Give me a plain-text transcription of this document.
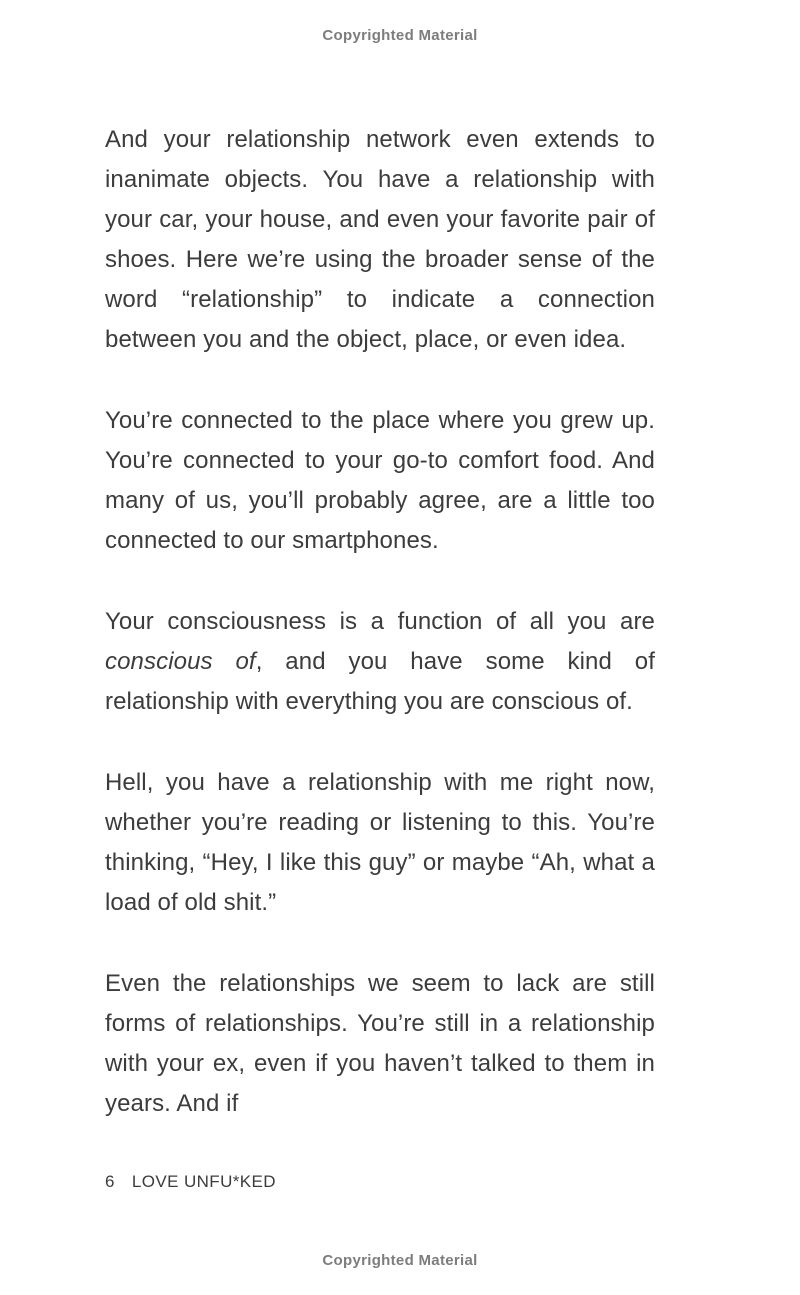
Copyrighted Material

And your relationship network even extends to inanimate objects. You have a relationship with your car, your house, and even your favorite pair of shoes. Here we’re using the broader sense of the word “relationship” to indicate a connection between you and the object, place, or even idea.

You’re connected to the place where you grew up. You’re connected to your go-to comfort food. And many of us, you’ll probably agree, are a little too connected to our smartphones.

Your consciousness is a function of all you are conscious of, and you have some kind of relationship with everything you are conscious of.

Hell, you have a relationship with me right now, whether you’re reading or listening to this. You’re thinking, “Hey, I like this guy” or maybe “Ah, what a load of old shit.”

Even the relationships we seem to lack are still forms of relationships. You’re still in a relationship with your ex, even if you haven’t talked to them in years. And if

6 LOVE UNFU*KED
Copyrighted Material
